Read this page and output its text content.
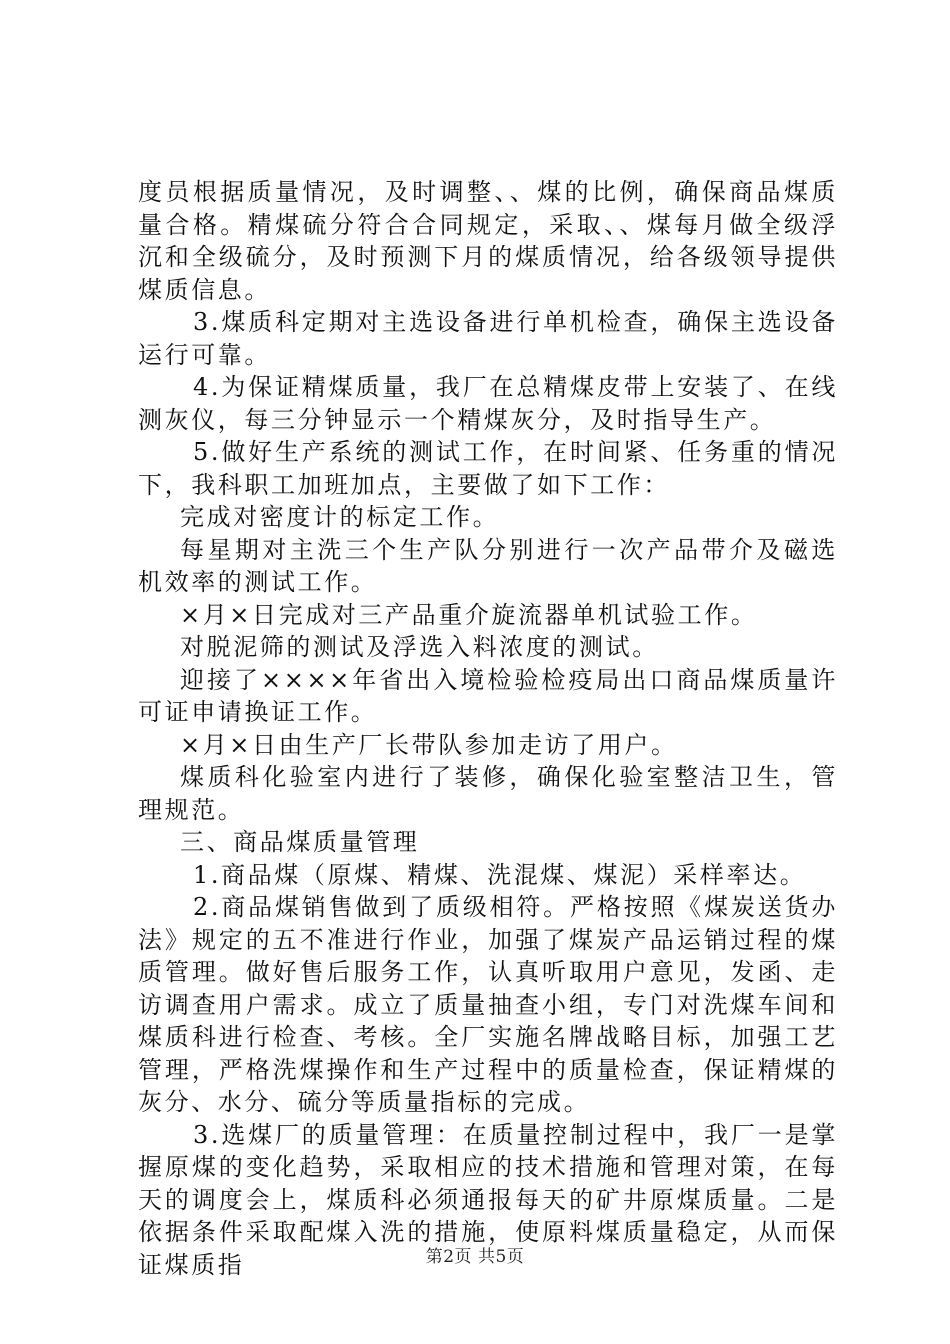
度员根据质量情况，及时调整、、煤的比例，确保商品煤质量合格。精煤硫分符合合同规定，采取、、煤每月做全级浮沉和全级硫分，及时预测下月的煤质情况，给各级领导提供煤质信息。

3.煤质科定期对主选设备进行单机检查，确保主选设备运行可靠。

4.为保证精煤质量，我厂在总精煤皮带上安装了、在线测灰仪，每三分钟显示一个精煤灰分，及时指导生产。

5.做好生产系统的测试工作，在时间紧、任务重的情况下，我科职工加班加点，主要做了如下工作：

完成对密度计的标定工作。

每星期对主洗三个生产队分别进行一次产品带介及磁选机效率的测试工作。

×月×日完成对三产品重介旋流器单机试验工作。

对脱泥筛的测试及浮选入料浓度的测试。

迎接了××××年省出入境检验检疫局出口商品煤质量许可证申请换证工作。

×月×日由生产厂长带队参加走访了用户。

煤质科化验室内进行了装修，确保化验室整洁卫生，管理规范。

三、商品煤质量管理

1.商品煤（原煤、精煤、洗混煤、煤泥）采样率达。

2.商品煤销售做到了质级相符。严格按照《煤炭送货办法》规定的五不准进行作业，加强了煤炭产品运销过程的煤质管理。做好售后服务工作，认真听取用户意见，发函、走访调查用户需求。成立了质量抽查小组，专门对洗煤车间和煤质科进行检查、考核。全厂实施名牌战略目标，加强工艺管理，严格洗煤操作和生产过程中的质量检查，保证精煤的灰分、水分、硫分等质量指标的完成。

3.选煤厂的质量管理：在质量控制过程中，我厂一是掌握原煤的变化趋势，采取相应的技术措施和管理对策，在每天的调度会上，煤质科必须通报每天的矿井原煤质量。二是依据条件采取配煤入洗的措施，使原料煤质量稳定，从而保证煤质指	第2页 共5页
